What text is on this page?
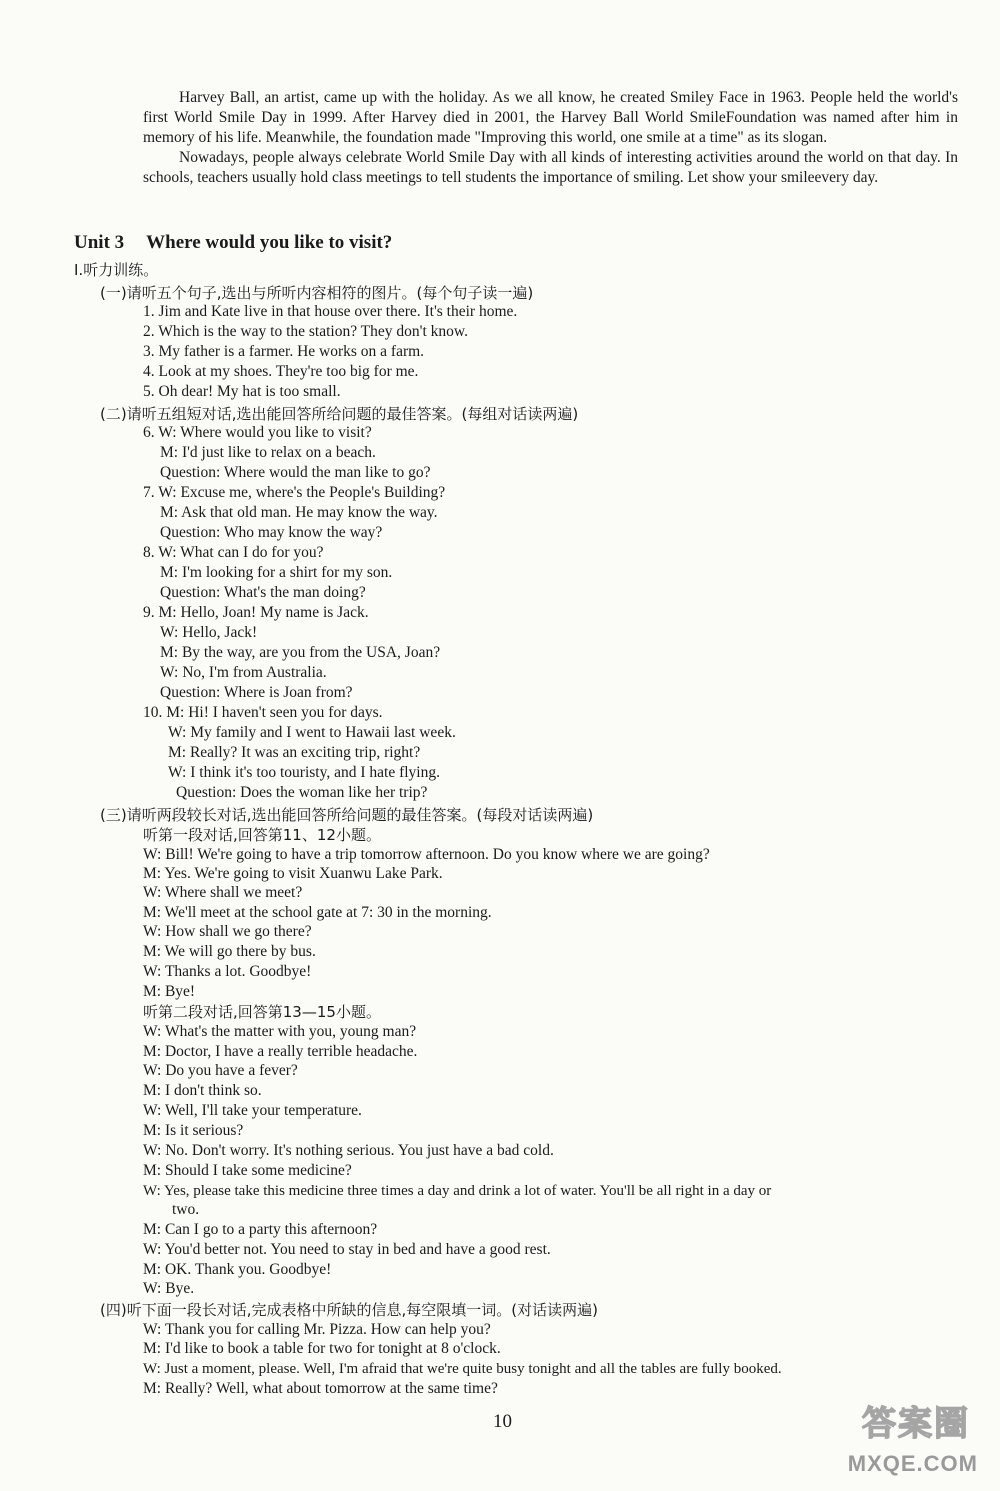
Harvey Ball, an artist, came up with the holiday. As we all know, he created Smiley Face in 1963. People held the world's first World Smile Day in 1999. After Harvey died in 2001, the Harvey Ball World SmileFoundation was named after him in memory of his life. Meanwhile, the foundation made "Improving this world, one smile at a time" as its slogan.

Nowadays, people always celebrate World Smile Day with all kinds of interesting activities around the world on that day. In schools, teachers usually hold class meetings to tell students the importance of smiling. Let show your smileevery day.

Unit 3 Where would you like to visit?
Ⅰ.听力训练。
(一)请听五个句子,选出与所听内容相符的图片。(每个句子读一遍)
1. Jim and Kate live in that house over there. It's their home.
2. Which is the way to the station? They don't know.
3. My father is a farmer. He works on a farm.
4. Look at my shoes. They're too big for me.
5. Oh dear! My hat is too small.
(二)请听五组短对话,选出能回答所给问题的最佳答案。(每组对话读两遍)
6. W: Where would you like to visit?
M: I'd just like to relax on a beach.
Question: Where would the man like to go?
7. W: Excuse me, where's the People's Building?
M: Ask that old man. He may know the way.
Question: Who may know the way?
8. W: What can I do for you?
M: I'm looking for a shirt for my son.
Question: What's the man doing?
9. M: Hello, Joan! My name is Jack.
W: Hello, Jack!
M: By the way, are you from the USA, Joan?
W: No, I'm from Australia.
Question: Where is Joan from?
10. M: Hi! I haven't seen you for days.
W: My family and I went to Hawaii last week.
M: Really? It was an exciting trip, right?
W: I think it's too touristy, and I hate flying.
Question: Does the woman like her trip?
(三)请听两段较长对话,选出能回答所给问题的最佳答案。(每段对话读两遍)
听第一段对话,回答第11、12小题。
W: Bill! We're going to have a trip tomorrow afternoon. Do you know where we are going?
M: Yes. We're going to visit Xuanwu Lake Park.
W: Where shall we meet?
M: We'll meet at the school gate at 7: 30 in the morning.
W: How shall we go there?
M: We will go there by bus.
W: Thanks a lot. Goodbye!
M: Bye!
听第二段对话,回答第13—15小题。
W: What's the matter with you, young man?
M: Doctor, I have a really terrible headache.
W: Do you have a fever?
M: I don't think so.
W: Well, I'll take your temperature.
M: Is it serious?
W: No. Don't worry. It's nothing serious. You just have a bad cold.
M: Should I take some medicine?
W: Yes, please take this medicine three times a day and drink a lot of water. You'll be all right in a day or
two.
M: Can I go to a party this afternoon?
W: You'd better not. You need to stay in bed and have a good rest.
M: OK. Thank you. Goodbye!
W: Bye.
(四)听下面一段长对话,完成表格中所缺的信息,每空限填一词。(对话读两遍)
W: Thank you for calling Mr. Pizza. How can help you?
M: I'd like to book a table for two for tonight at 8 o'clock.
W: Just a moment, please. Well, I'm afraid that we're quite busy tonight and all the tables are fully booked.
M: Really? Well, what about tomorrow at the same time?
10	答案圈
MXQE.COM
